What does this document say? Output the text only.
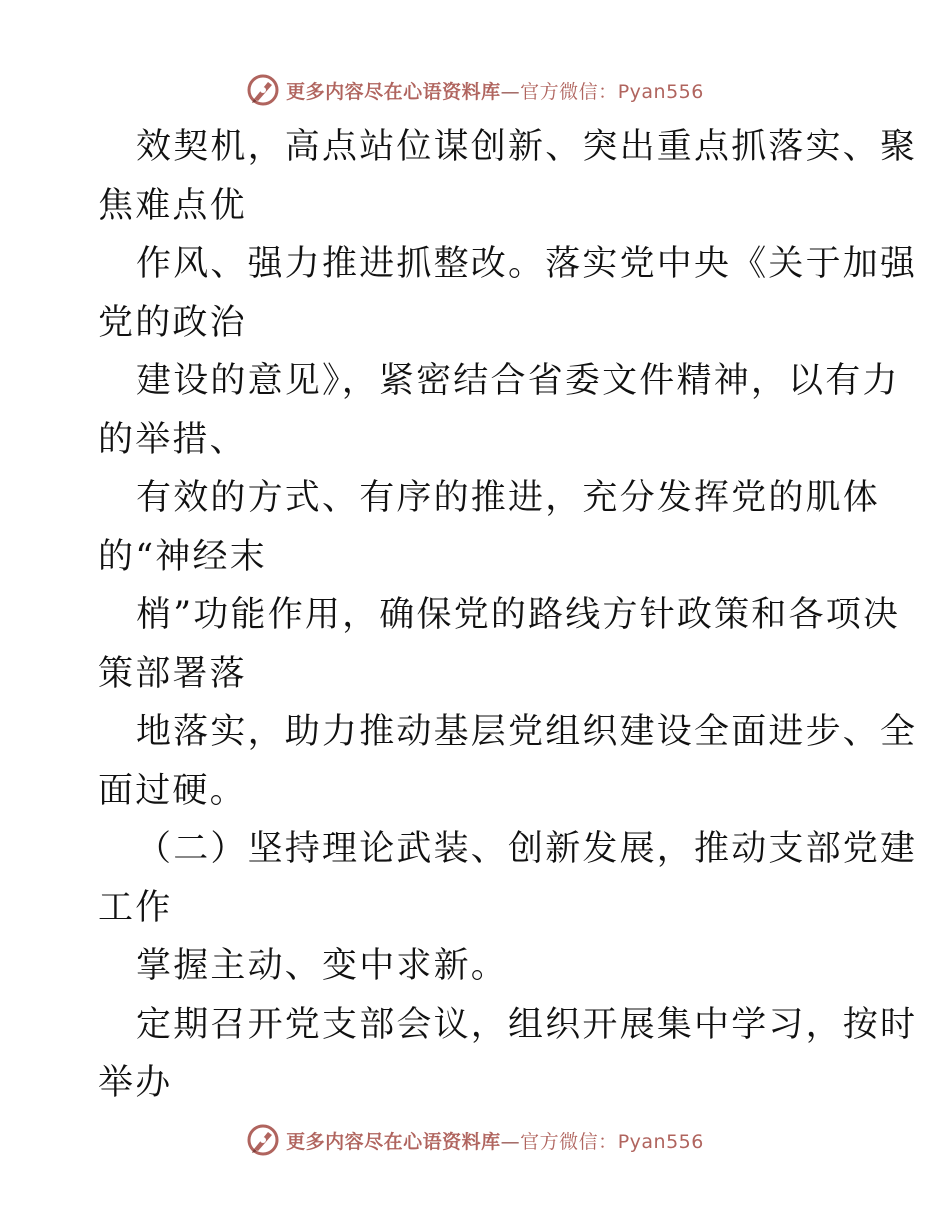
更多内容尽在心语资料库—官方微信：Pyan556
效契机，高点站位谋创新、突出重点抓落实、聚
焦难点优
作风、强力推进抓整改。落实党中央《关于加强
党的政治
建设的意见》，紧密结合省委文件精神，以有力
的举措、
有效的方式、有序的推进，充分发挥党的肌体
的“神经末
梢”功能作用，确保党的路线方针政策和各项决
策部署落
地落实，助力推动基层党组织建设全面进步、全
面过硬。
（二）坚持理论武装、创新发展，推动支部党建
工作
掌握主动、变中求新。
定期召开党支部会议，组织开展集中学习，按时
举办
更多内容尽在心语资料库—官方微信：Pyan556
